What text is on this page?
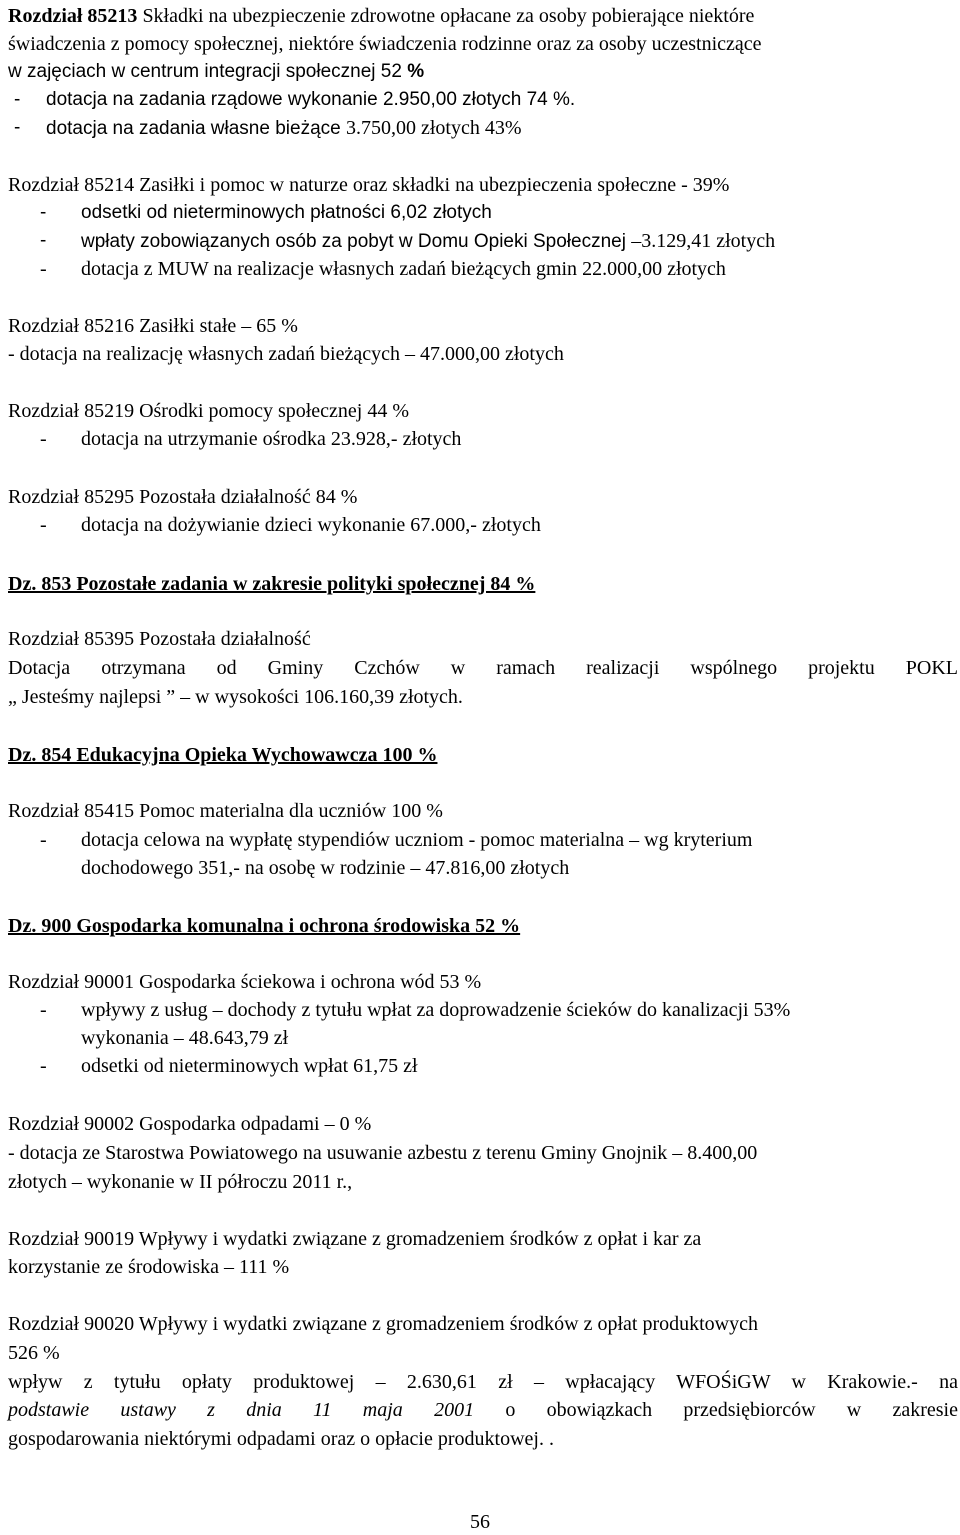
Rozdział 85213 Składki na ubezpieczenie zdrowotne opłacane za osoby pobierające niektóre
świadczenia z pomocy społecznej, niektóre świadczenia rodzinne oraz za osoby uczestniczące
w zajęciach w centrum integracji społecznej 52 %
- dotacja na zadania rządowe wykonanie 2.950,00 złotych 74 %.
- dotacja na zadania własne bieżące 3.750,00 złotych 43%
Rozdział 85214 Zasiłki i pomoc w naturze oraz składki na ubezpieczenia społeczne - 39%
- odsetki od nieterminowych płatności 6,02 złotych
- wpłaty zobowiązanych osób za pobyt w Domu Opieki Społecznej –3.129,41 złotych
- dotacja z MUW na realizacje własnych zadań bieżących gmin 22.000,00 złotych
Rozdział 85216 Zasiłki stałe – 65 %
- dotacja na realizację własnych zadań bieżących – 47.000,00 złotych
Rozdział 85219 Ośrodki pomocy społecznej 44 %
- dotacja na utrzymanie ośrodka 23.928,- złotych
Rozdział 85295 Pozostała działalność 84 %
- dotacja na dożywianie dzieci wykonanie 67.000,- złotych
Dz. 853 Pozostałe zadania w zakresie polityki społecznej 84 %
Rozdział 85395 Pozostała działalność
Dotacja otrzymana od Gminy Czchów w ramach realizacji wspólnego projektu POKL
„ Jesteśmy najlepsi ” – w wysokości 106.160,39 złotych.
Dz. 854 Edukacyjna Opieka Wychowawcza 100 %
Rozdział 85415 Pomoc materialna dla uczniów 100 %
- dotacja celowa na wypłatę stypendiów uczniom - pomoc materialna – wg kryterium
dochodowego 351,- na osobę w rodzinie – 47.816,00 złotych
Dz. 900 Gospodarka komunalna i ochrona środowiska 52 %
Rozdział 90001 Gospodarka ściekowa i ochrona wód 53 %
- wpływy z usług – dochody z tytułu wpłat za doprowadzenie ścieków do kanalizacji 53%
wykonania – 48.643,79 zł
- odsetki od nieterminowych wpłat 61,75 zł
Rozdział 90002 Gospodarka odpadami – 0 %
- dotacja ze Starostwa Powiatowego na usuwanie azbestu z terenu Gminy Gnojnik – 8.400,00
złotych – wykonanie w II półroczu 2011 r.,
Rozdział 90019 Wpływy i wydatki związane z gromadzeniem środków z opłat i kar za
korzystanie ze środowiska – 111 %
Rozdział 90020 Wpływy i wydatki związane z gromadzeniem środków z opłat produktowych
526 %
wpływ z tytułu opłaty produktowej – 2.630,61 zł – wpłacający WFOŚiGW w Krakowie.- na
podstawie ustawy z dnia 11 maja 2001 o obowiązkach przedsiębiorców w zakresie
gospodarowania niektórymi odpadami oraz o opłacie produktowej. .
56
